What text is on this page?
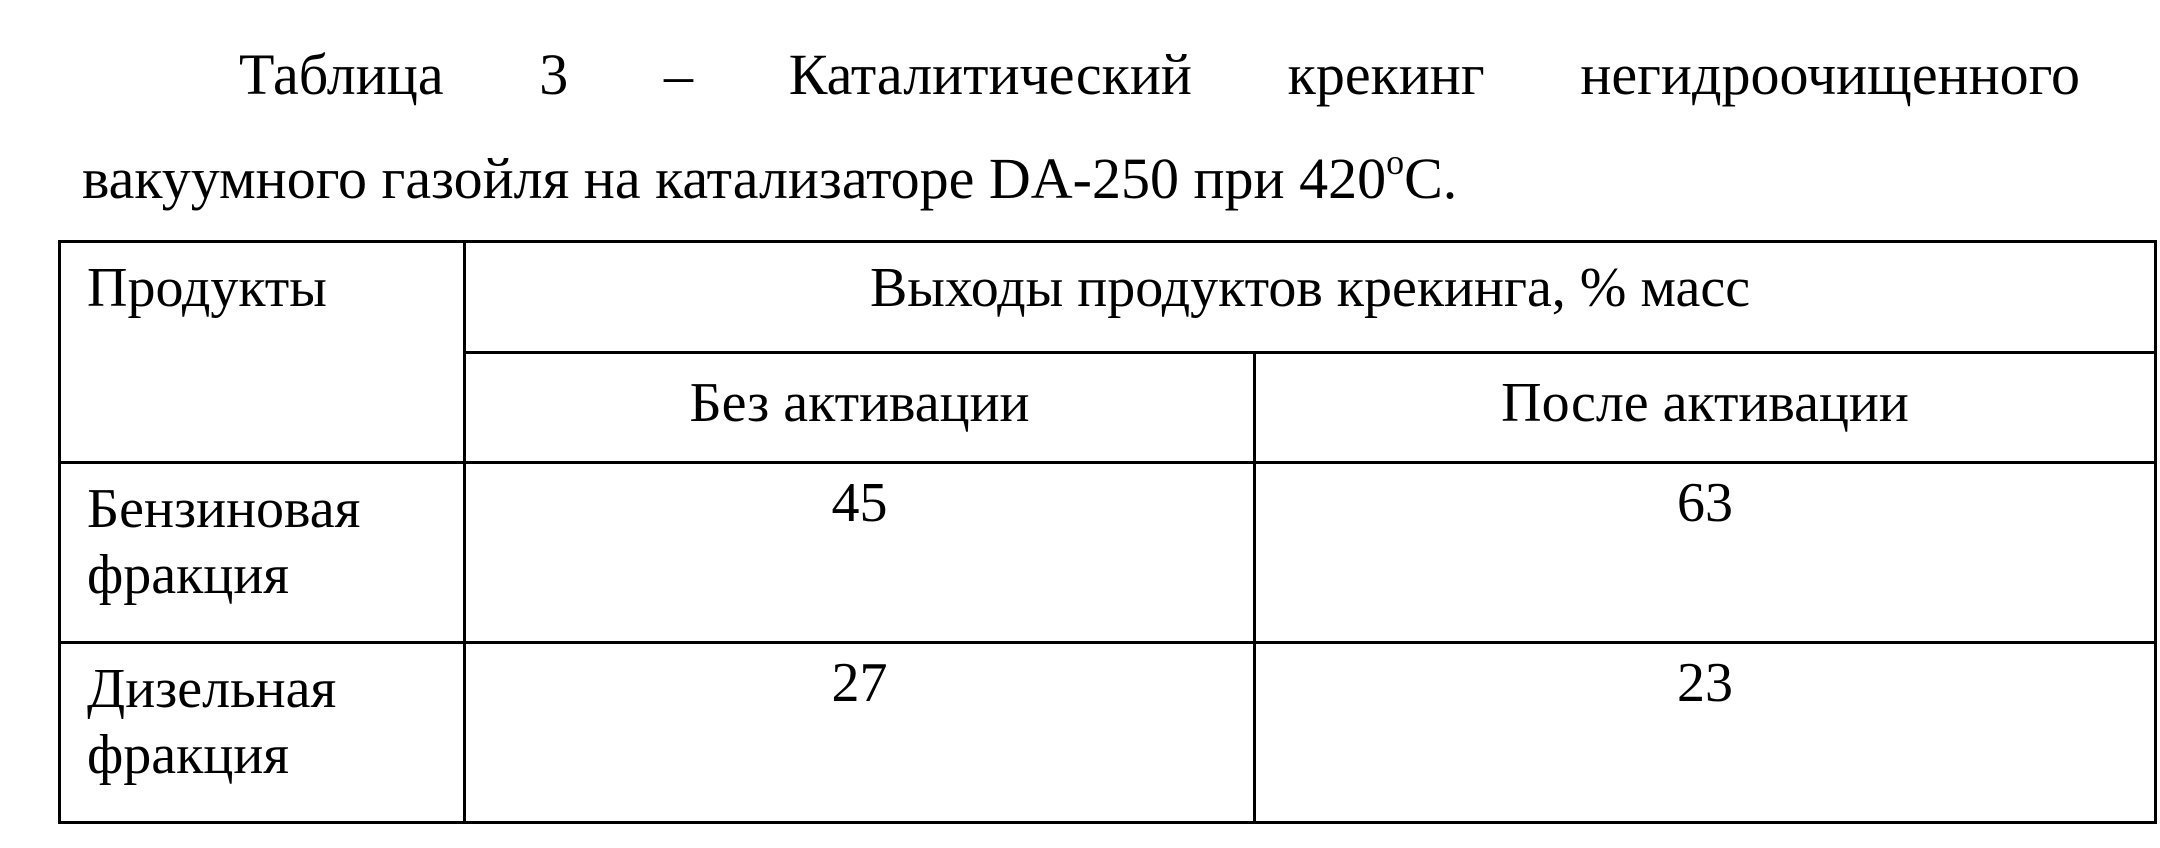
Таблица 3 – Каталитический крекинг негидроочищенного
вакуумного газойля на катализаторе DA-250 при 420$^o$C.
Продукты	Выходы продуктов крекинга, % масс	
	Без активации	После активации

Бензиновая
фракция	45	63

Дизельная
фракция	27	23
